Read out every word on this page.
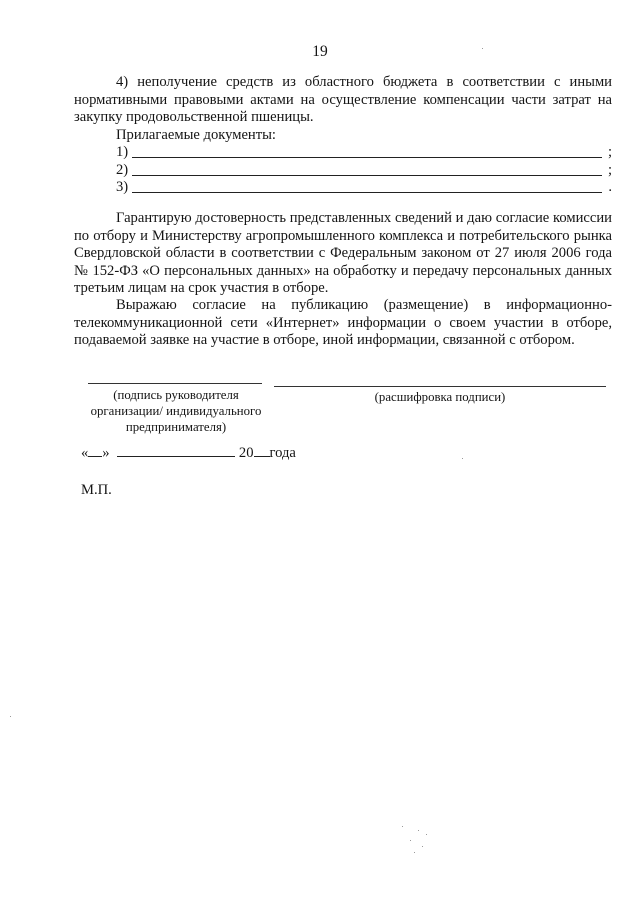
19

4) неполучение средств из областного бюджета в соответствии с иными нормативными правовыми актами на осуществление компенсации части затрат на закупку продовольственной пшеницы.

Прилагаемые документы:
1)	;
2)	;
3)	.

Гарантирую достоверность представленных сведений и даю согласие комиссии по отбору и Министерству агропромышленного комплекса и потребительского рынка Свердловской области в соответствии с Федеральным законом от 27 июля 2006 года № 152-ФЗ «О персональных данных» на обработку и передачу персональных данных третьим лицам на срок участия в отборе.

Выражаю согласие на публикацию (размещение) в информационно-телекоммуникационной сети «Интернет» информации о своем участии в отборе, подаваемой заявке на участие в отборе, иной информации, связанной с отбором.

(подпись руководителя
организации/ индивидуального
предпринимателя)
(расшифровка подписи)
« »	20 года
М.П.
